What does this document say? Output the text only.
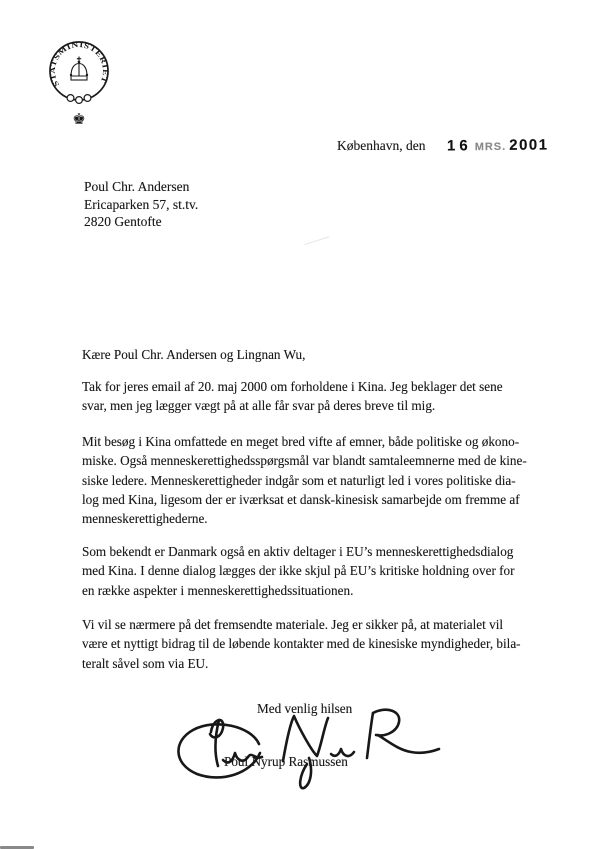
STATSMINISTERIET
♚
København, den 16 MRS. 2001
Poul Chr. Andersen
Ericaparken 57, st.tv.
2820 Gentofte
Kære Poul Chr. Andersen og Lingnan Wu,
Tak for jeres email af 20. maj 2000 om forholdene i Kina. Jeg beklager det sene
svar, men jeg lægger vægt på at alle får svar på deres breve til mig.
Mit besøg i Kina omfattede en meget bred vifte af emner, både politiske og økono-
miske. Også menneskerettighedsspørgsmål var blandt samtaleemnerne med de kine-
siske ledere. Menneskerettigheder indgår som et naturligt led i vores politiske dia-
log med Kina, ligesom der er iværksat et dansk-kinesisk samarbejde om fremme af
menneskerettighederne.
Som bekendt er Danmark også en aktiv deltager i EU’s menneskerettighedsdialog
med Kina. I denne dialog lægges der ikke skjul på EU’s kritiske holdning over for
en række aspekter i menneskerettighedssituationen.
Vi vil se nærmere på det fremsendte materiale. Jeg er sikker på, at materialet vil
være et nyttigt bidrag til de løbende kontakter med de kinesiske myndigheder, bila-
teralt såvel som via EU.
Med venlig hilsen
Poul Nyrup Rasmussen
